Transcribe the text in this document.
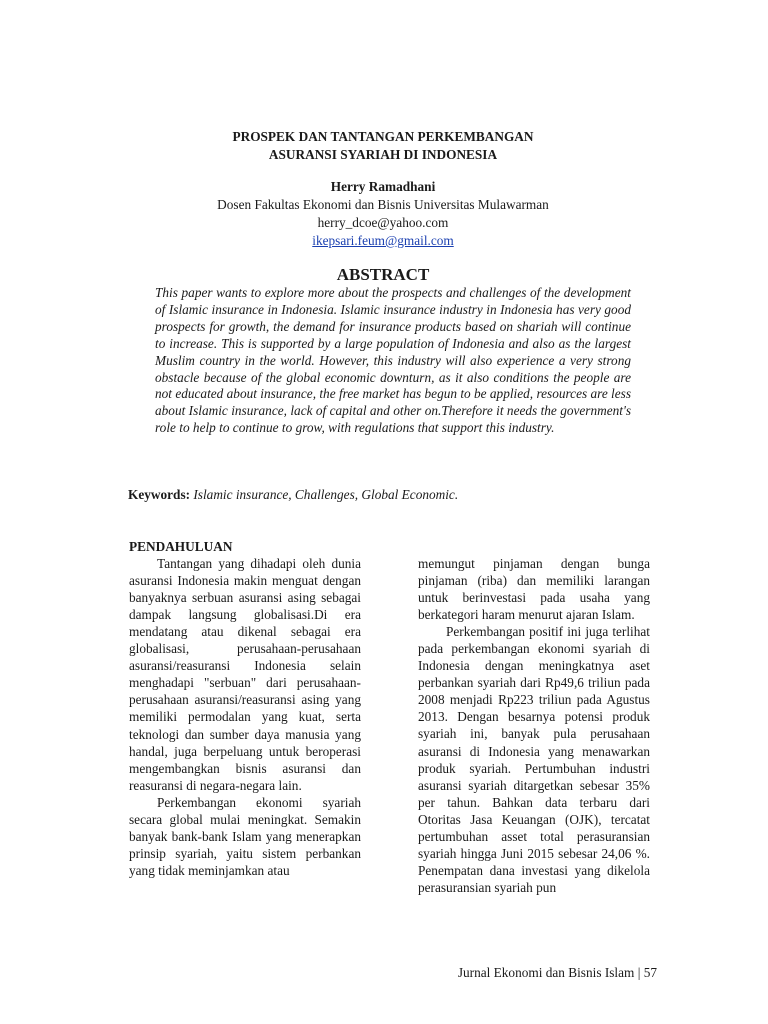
PROSPEK DAN TANTANGAN PERKEMBANGAN
ASURANSI SYARIAH DI INDONESIA
Herry Ramadhani
Dosen Fakultas Ekonomi dan Bisnis Universitas Mulawarman
herry_dcoe@yahoo.com
ikepsari.feum@gmail.com
ABSTRACT
This paper wants to explore more about the prospects and challenges of the development of Islamic insurance in Indonesia. Islamic insurance industry in Indonesia has very good prospects for growth, the demand for insurance products based on shariah will continue to increase. This is supported by a large population of Indonesia and also as the largest Muslim country in the world. However, this industry will also experience a very strong obstacle because of the global economic downturn, as it also conditions the people are not educated about insurance, the free market has begun to be applied, resources are less about Islamic insurance, lack of capital and other on.Therefore it needs the government's role to help to continue to grow, with regulations that support this industry.
Keywords: Islamic insurance, Challenges, Global Economic.

PENDAHULUAN

Tantangan yang dihadapi oleh dunia asuransi Indonesia makin menguat dengan banyaknya serbuan asuransi asing sebagai dampak langsung globalisasi.Di era mendatang atau dikenal sebagai era globalisasi, perusahaan-perusahaan asuransi/reasuransi Indonesia selain menghadapi "serbuan" dari perusahaan-perusahaan asuransi/reasuransi asing yang memiliki permodalan yang kuat, serta teknologi dan sumber daya manusia yang handal, juga berpeluang untuk beroperasi mengembangkan bisnis asuransi dan reasuransi di negara-negara lain.

Perkembangan ekonomi syariah secara global mulai meningkat. Semakin banyak bank-bank Islam yang menerapkan prinsip syariah, yaitu sistem perbankan yang tidak meminjamkan atau

memungut pinjaman dengan bunga pinjaman (riba) dan memiliki larangan untuk berinvestasi pada usaha yang berkategori haram menurut ajaran Islam.

Perkembangan positif ini juga terlihat pada perkembangan ekonomi syariah di Indonesia dengan meningkatnya aset perbankan syariah dari Rp49,6 triliun pada 2008 menjadi Rp223 triliun pada Agustus 2013. Dengan besarnya potensi produk syariah ini, banyak pula perusahaan asuransi di Indonesia yang menawarkan produk syariah. Pertumbuhan industri asuransi syariah ditargetkan sebesar 35% per tahun. Bahkan data terbaru dari Otoritas Jasa Keuangan (OJK), tercatat pertumbuhan asset total perasuransian syariah hingga Juni 2015 sebesar 24,06 %. Penempatan dana investasi yang dikelola perasuransian syariah pun

Jurnal Ekonomi dan Bisnis Islam | 57
